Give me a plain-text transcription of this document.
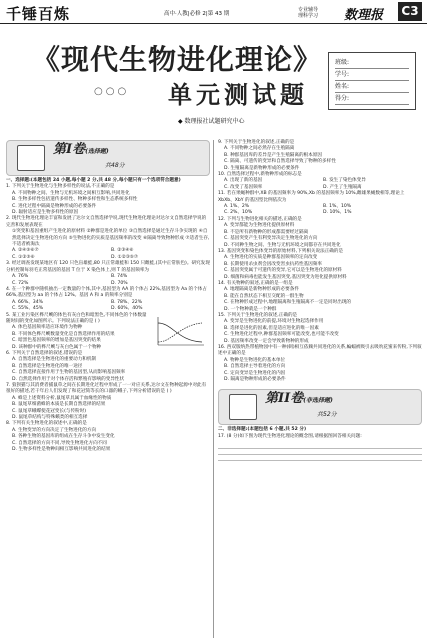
千锤百炼	高中·人教|必修 2|第 43 期
专业辅导
理科学习 数理报 C3
《现代生物进化理论》
○○○ 单元测试题
班级:
学号:
姓名:
得分:
◆ 数理报社试题研究中心
第I卷(选择题)
共48分
一、选择题:(本题包括 24 小题,每小题 2 分,共 48 分,每小题只有一个选项符合题意)
1. 下列关于生物进化与生物多样性的说法,不正确的是
A. 不同物种之间、生物与无机环境之间相互影响,共同进化
B. 生物多样性包括遗传多样性、物种多样性和生态系统多样性
C. 进化过程中隔离是物种形成的必要条件
D. 辐射适应是生物多样性的原因
2. 现代生物进化理论丰富和发展了达尔文自然选择学说,现代生物进化理论对达尔文自然选择学说的完善和发展表现在
①突变和基因重组产生进化的原材料 ②种群是进化的单位 ③自然选择是通过生存斗争实现的 ④自然选择决定生物进化的方向 ⑤生物进化的实质是基因频率的改变 ⑥隔离导致物种形成 ⑦适者生存,不适者被淘汰
A. ②④⑤⑥⑦	B. ②③④⑥
C. ①②⑤⑥	D. ①②③⑤⑦
3. 经过调查发现某地区有 120 只色盲雄蛙,80 只正常雄蛙和 150 只雌蛙,(其中正常肤色)。研究发现分析控制每羽毛正常基因的基因 T 位于 X 染色体上,则 T 的基因频率为
A. 76%	B. 74%
C. 72%	D. 70%
4. 在一个种群中随机抽出一定数量的个体,其中,基因型为 AA 的个体占 22%,基因型为 Aa 的个体占 66%,基因型为 aa 的个体占 12%。基因 A 和 a 的频率分别是
A. 66%、34%	B. 78%、22%
C. 55%、45%	D. 60%、40%
5. 某工业污染区桦尺蠖的体色有灰白色和暗黑色,不同体色的个体数量随时间的变化如图所示。下列说法正确的是 ( )
A. 体色基因频率适应环境作为物种
B. 不同体色桦尺蠖数量变化是自然选择作用的结果
C. 暗黑色基因频率的增加是基因突变的结果
D. 该种群中的桦尺蠖与灰白色属于一个物种
6. 下列关于自然选择的叙述,错误的是
A. 自然选择是生物进化的重要动力和机制
B. 自然选择是生物进化的唯一途径
C. 自然选择直接作用于生物的基因型,从而影响基因频率
D. 自然选择作用于对个体存活和繁殖有影响的变异性状
7. 狼狈猫与其消费者捕鼠草之间在长期进化过程中形成了一一对应关系,达尔文在物种起源中对此有很好的描述,若干年后人们发现了和花冠筒等长的口器的蛾子,下列分析错误的是 ( )
A. 蜂是上述资料分析,鼠尾草具属于血缘性的物质
B. 鼠尾草细菌蜂的本质是长期自然选择的结果
C. 鼠尾草蛾蝶使花冠变长(与传粉时)
D. 鼠尾草结构与特殊蛾类的相互选择
8. 下列有关生物进化的叙述中,正确的是
A. 生物变异的方向决定了生物进化的方向
B. 各种生物的基因库的组成在生存斗争中发生变化
C. 自然选择的方向不同,导致生物进化方向不同
D. 生物多样性是物种间相互影响共同进化的结果
9. 下列关于生物进化的叙述,正确的是
A. 不同物种之间必然存在生殖隔离
B. 种群基因库的差异是产生生殖隔离的根本原因
C. 隔离、可遗传的变异和自然选择导致了物种的多样性
D. 生殖隔离是新物种形成的必要条件
10. 自然选择过程中,新物种形成的标志是
A. 出现了新的基因	B. 发生了染色体变异
C. 改变了基因频率	D. 产生了生殖隔离
11. 若在果蝇种群中,XB 的基因频率为 90%,Xb 的基因频率为 10%,雌雄果蝇数相等,理论上 XbXb、XbY 的基因型比例依次为
A. 1%、2%	B. 1%、10%
C. 2%、10%	D. 10%、1%
12. 下列与生物进化相关的描述,正确的是
A. 变异都能为生物进化提供原材料
B. 不是所有新物种的形成都需要经过隔离
C. 基因突变产生有利变异决定生物进化的方向
D. 不同种生物之间、生物与无机环境之间都存在共同进化
13. 基因突变和染色体变异的原始材料,下列相关说法正确的是
A. 生物进化的实质是种群基因频率的定向改变
B. 长期使用杀虫剂会因改变害虫抗药性基因频率
C. 基因突变属于可遗传的变异,它可以是生物进化的原材料
D. 细菌和病毒也能发生基因突变,基因突变为进化提供原材料
14. 有关物种的叙述,正确的是一组是
A. 地理隔离是新物种形成的必要条件
B. 能在自然状态下相互交配的一群生物
C. 在物种形成过程中,地理隔离和生殖隔离不一定是同时出现的
D. 一个物种就是一个种群
15. 下列关于生物进化的叙述,正确的是
A. 变异是生物进化的前提,环境对生物起选择作用
B. 选择是进化的因素,但是适应进化的唯一因素
C. 生物进化过程中,种群基因频率可能改变,也可能不改变
D. 基因频率改变一定会导致新物种的形成
16. 西双版纳热带植物园中有一种(刺)相互依赖共同进化的关系,蝙蝠被吸引去吸吮花蜜来传粉,下列叙述中正确的是
A. 物种是生物进化的基本单位
B. 自然选择主导着进化的方向
C. 定向变异是生物进化的内因
D. 隔离是物种形成的必要条件
第II卷(非选择题)
共52分
二、非选择题:(本题包括 6 小题,共 52 分)
17. (8 分)如下图为现代生物进化理论的概念图,请根据图回答相关问题:
